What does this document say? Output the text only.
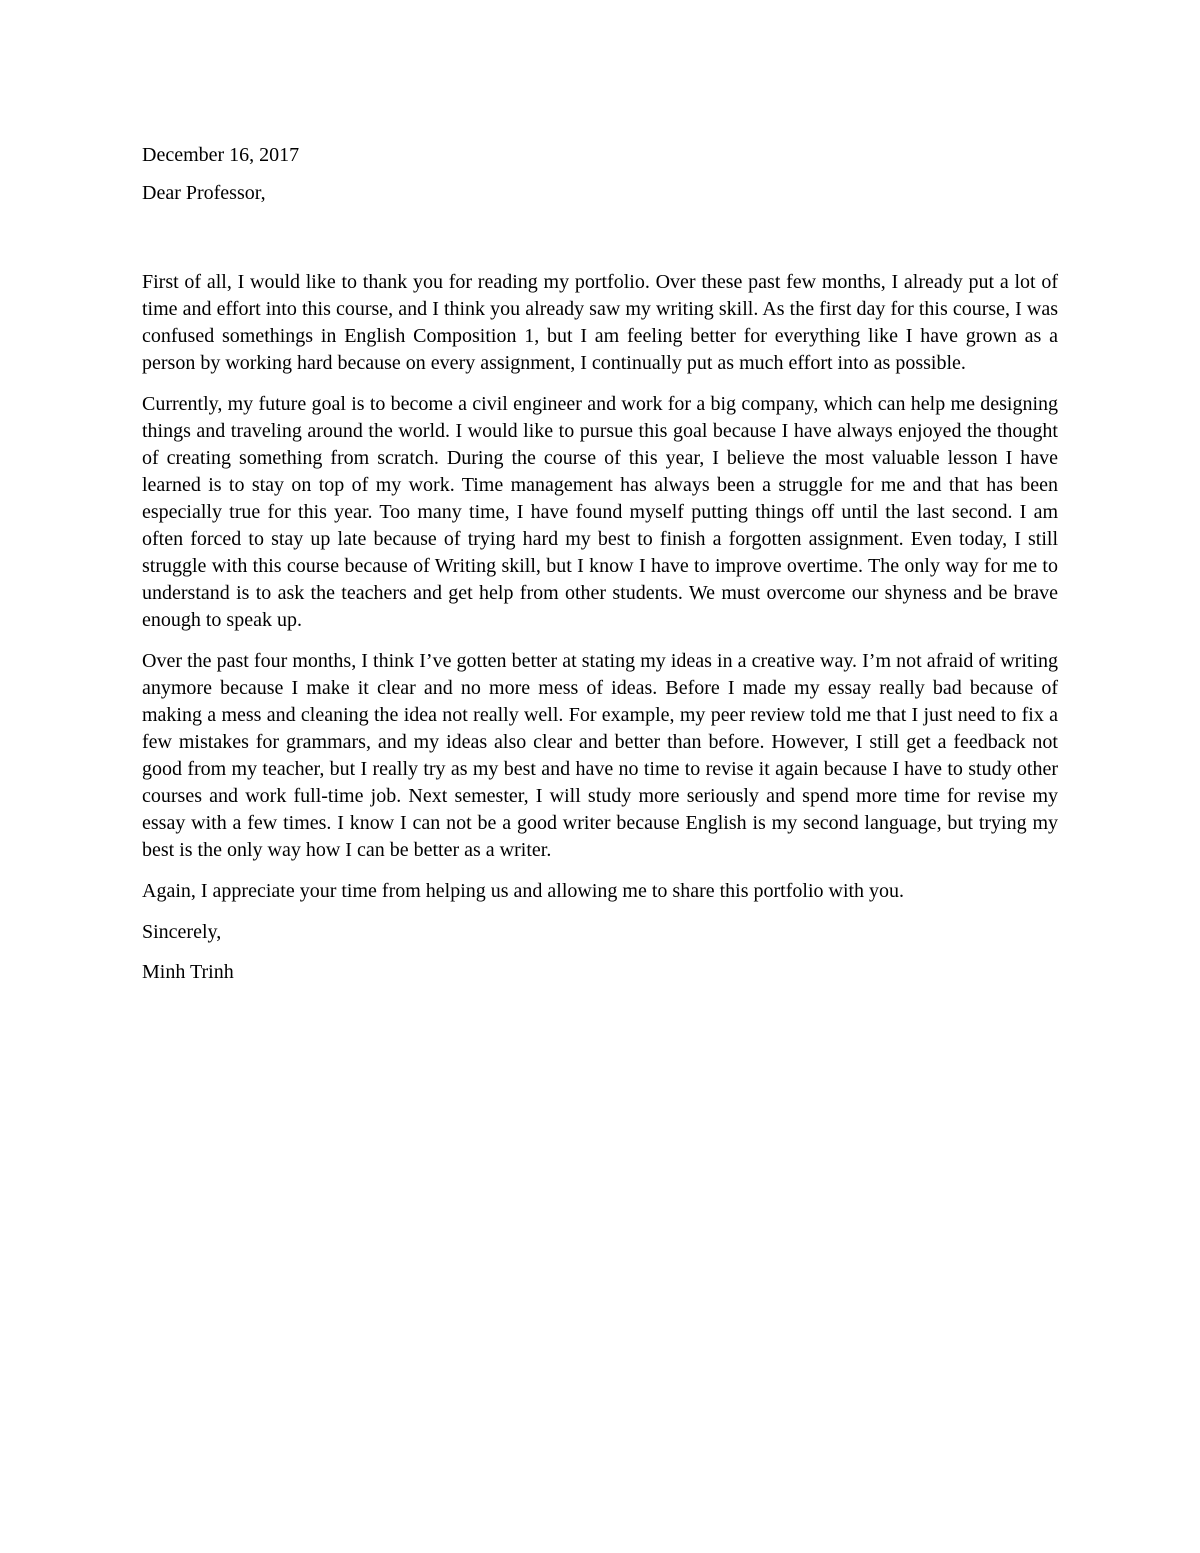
December 16, 2017

Dear Professor,

First of all, I would like to thank you for reading my portfolio. Over these past few months, I already put a lot of time and effort into this course, and I think you already saw my writing skill. As the first day for this course, I was confused somethings in English Composition 1, but I am feeling better for everything like I have grown as a person by working hard because on every assignment, I continually put as much effort into as possible.

Currently, my future goal is to become a civil engineer and work for a big company, which can help me designing things and traveling around the world. I would like to pursue this goal because I have always enjoyed the thought of creating something from scratch. During the course of this year, I believe the most valuable lesson I have learned is to stay on top of my work. Time management has always been a struggle for me and that has been especially true for this year. Too many time, I have found myself putting things off until the last second. I am often forced to stay up late because of trying hard my best to finish a forgotten assignment. Even today, I still struggle with this course because of Writing skill, but I know I have to improve overtime. The only way for me to understand is to ask the teachers and get help from other students. We must overcome our shyness and be brave enough to speak up.

Over the past four months, I think I’ve gotten better at stating my ideas in a creative way. I’m not afraid of writing anymore because I make it clear and no more mess of ideas. Before I made my essay really bad because of making a mess and cleaning the idea not really well. For example, my peer review told me that I just need to fix a few mistakes for grammars, and my ideas also clear and better than before. However, I still get a feedback not good from my teacher, but I really try as my best and have no time to revise it again because I have to study other courses and work full-time job. Next semester, I will study more seriously and spend more time for revise my essay with a few times. I know I can not be a good writer because English is my second language, but trying my best is the only way how I can be better as a writer.

Again, I appreciate your time from helping us and allowing me to share this portfolio with you.

Sincerely,

Minh Trinh
